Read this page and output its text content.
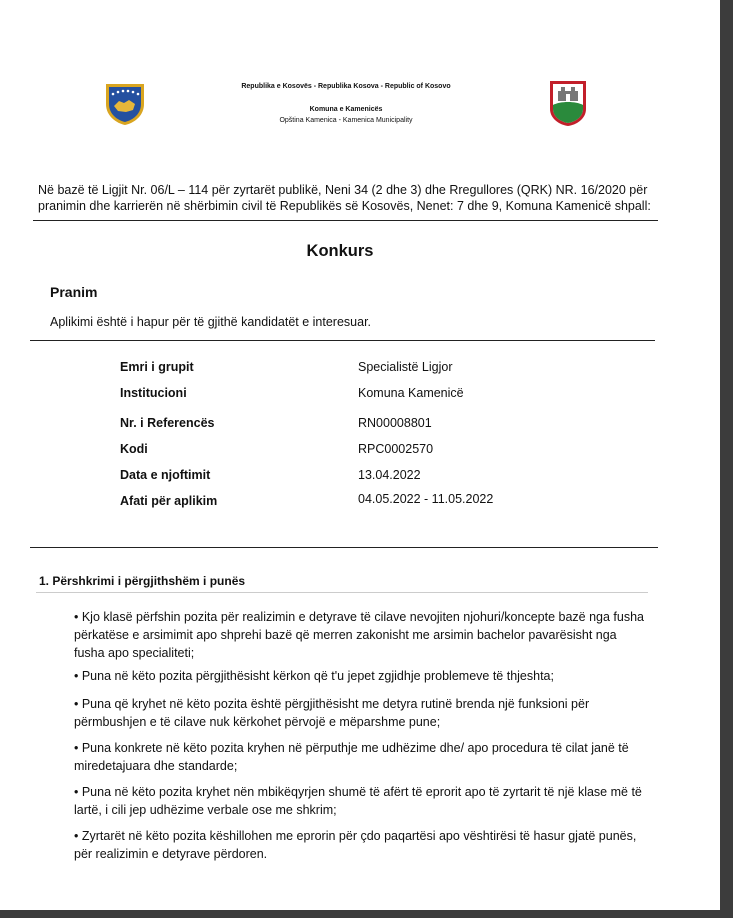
Republika e Kosovës - Republika Kosova - Republic of Kosovo
Komuna e Kamenicës
Opština Kamenica - Kamenica Municipality
Në bazë të Ligjit Nr. 06/L – 114 për zyrtarët publikë, Neni 34 (2 dhe 3) dhe Rregullores (QRK) NR. 16/2020 për pranimin dhe karrierën në shërbimin civil të Republikës së Kosovës, Nenet: 7 dhe 9, Komuna Kamenicë shpall:
Konkurs
Pranim
Aplikimi është i hapur për të gjithë kandidatët e interesuar.
Emri i grupit	Specialistë Ligjor
Institucioni	Komuna Kamenicë
Nr. i Referencës	RN00008801
Kodi	RPC0002570
Data e njoftimit	13.04.2022
Afati për aplikim	04.05.2022 - 11.05.2022
1. Përshkrimi i përgjithshëm i punës
• Kjo klasë përfshin pozita për realizimin e detyrave të cilave nevojiten njohuri/koncepte bazë nga fusha përkatëse e arsimimit apo shprehi bazë që merren zakonisht me arsimin bachelor pavarësisht nga fusha apo specialiteti;
• Puna në këto pozita përgjithësisht kërkon që t'u jepet zgjidhje problemeve të thjeshta;
• Puna që kryhet në këto pozita është përgjithësisht me detyra rutinë brenda një funksioni për përmbushjen e të cilave nuk kërkohet përvojë e mëparshme pune;
• Puna konkrete në këto pozita kryhen në përputhje me udhëzime dhe/ apo procedura të cilat janë të miredetajuara dhe standarde;
• Puna në këto pozita kryhet nën mbikëqyrjen shumë të afërt të eprorit apo të zyrtarit të një klase më të lartë, i cili jep udhëzime verbale ose me shkrim;
• Zyrtarët në këto pozita këshillohen me eprorin për çdo paqartësi apo vështirësi të hasur gjatë punës, për realizimin e detyrave përdoren.
